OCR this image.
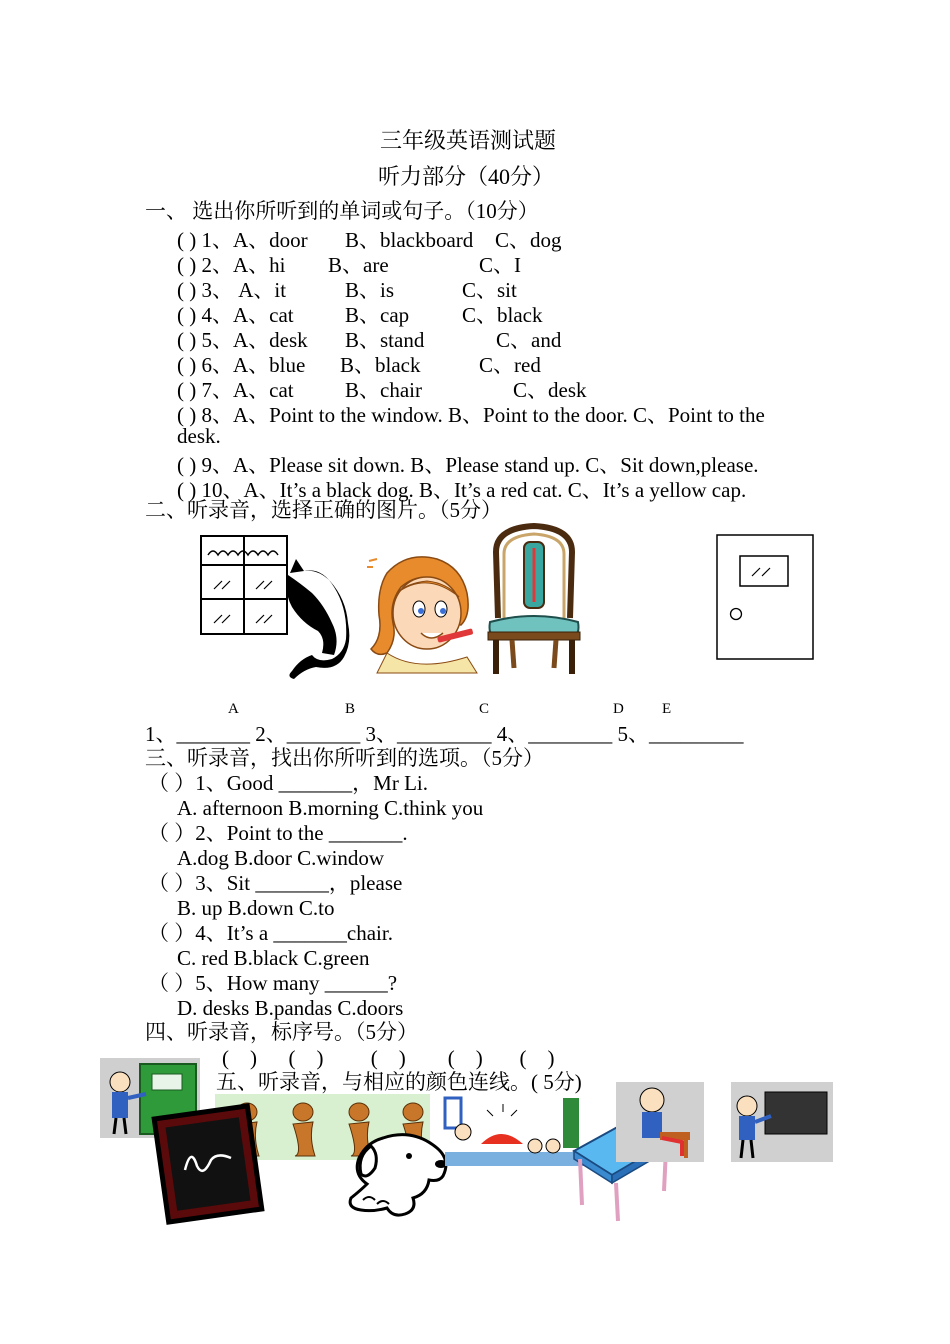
三年级英语测试题
听力部分（40分）
一、 选出你所听到的单词或句子。（10分）
( ) 1、A、door B、blackboard C、dog
( ) 2、A、hi B、are	C、I
( ) 3、 A、it	B、is	C、sit
( ) 4、A、cat B、cap	C、black
( ) 5、A、desk B、stand	C、and
( ) 6、A、blue B、black	C、red
( ) 7、A、cat B、chair	C、desk
( ) 8、A、Point to the window. B、Point to the door. C、Point to the
desk.
( ) 9、A、Please sit down. B、Please stand up. C、Sit down,please.
( ) 10、A、It’s a black dog. B、It’s a red cat. C、It’s a yellow cap.
二、听录音，选择正确的图片。（5分）
A	B	C	D	E
1、_______ 2、_______ 3、_________ 4、________ 5、_________
三、听录音，找出你所听到的选项。（5分）
（ ）1、Good _______，Mr Li.
A. afternoon B.morning C.think you
（ ）2、Point to the _______.
A.dog B.door C.window
（ ）3、Sit _______，please
B. up B.down C.to
（ ）4、It’s a _______chair.
C. red B.black C.green
（ ）5、How many ______?
D. desks B.pandas C.doors
四、听录音，标序号。（5分）
(    )      (    )         (    )        (    )       (    )
五、听录音，与相应的颜色连线。( 5分)
